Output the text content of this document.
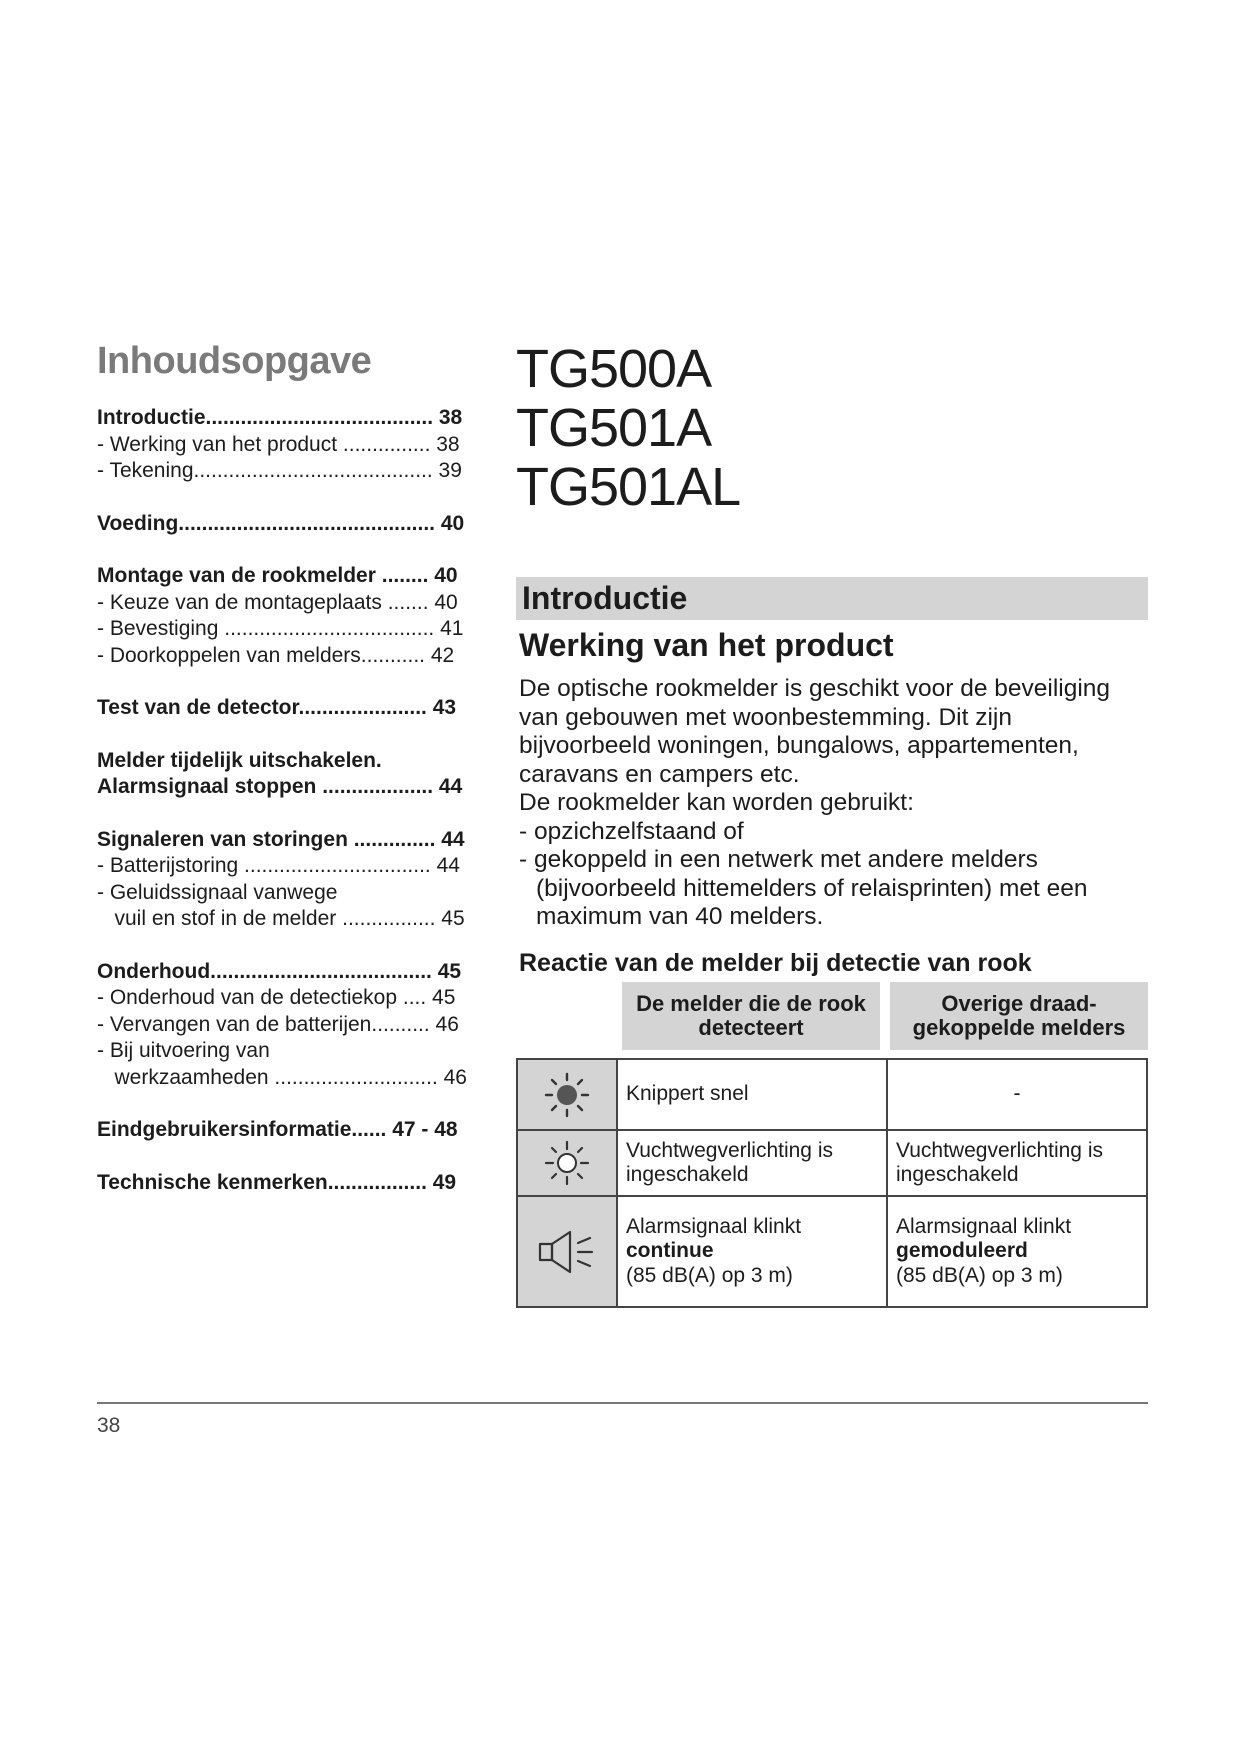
Inhoudsopgave
Introductie....................................... 38
- Werking van het product ............... 38
- Tekening......................................... 39
Voeding............................................ 40
Montage van de rookmelder ........ 40
- Keuze van de montageplaats ....... 40
- Bevestiging .................................... 41
- Doorkoppelen van melders........... 42
Test van de detector...................... 43
Melder tijdelijk uitschakelen.
Alarmsignaal stoppen ................... 44
Signaleren van storingen .............. 44
- Batterijstoring ................................ 44
- Geluidssignaal vanwege
vuil en stof in de melder ................ 45
Onderhoud...................................... 45
- Onderhoud van de detectiekop .... 45
- Vervangen van de batterijen.......... 46
- Bij uitvoering van
werkzaamheden ............................ 46
Eindgebruikersinformatie...... 47 - 48
Technische kenmerken................. 49
TG500A
TG501A
TG501AL
Introductie
Werking van het product
De optische rookmelder is geschikt voor de beveiliging
van gebouwen met woonbestemming. Dit zijn
bijvoorbeeld woningen, bungalows, appartementen,
caravans en campers etc.
De rookmelder kan worden gebruikt:
- opzichzelfstaand of
- gekoppeld in een netwerk met andere melders (bijvoorbeeld hittemelders of relaisprinten) met een maximum van 40 melders.
Reactie van de melder bij detectie van rook
De melder die de rook detecteert
Overige draad-gekoppelde melders
Knippert snel	-
Vuchtwegverlichting is
ingeschakeld
Vuchtwegverlichting is
ingeschakeld
Alarmsignaal klinkt
continue
(85 dB(A) op 3 m)
Alarmsignaal klinkt
gemoduleerd
(85 dB(A) op 3 m)
38
